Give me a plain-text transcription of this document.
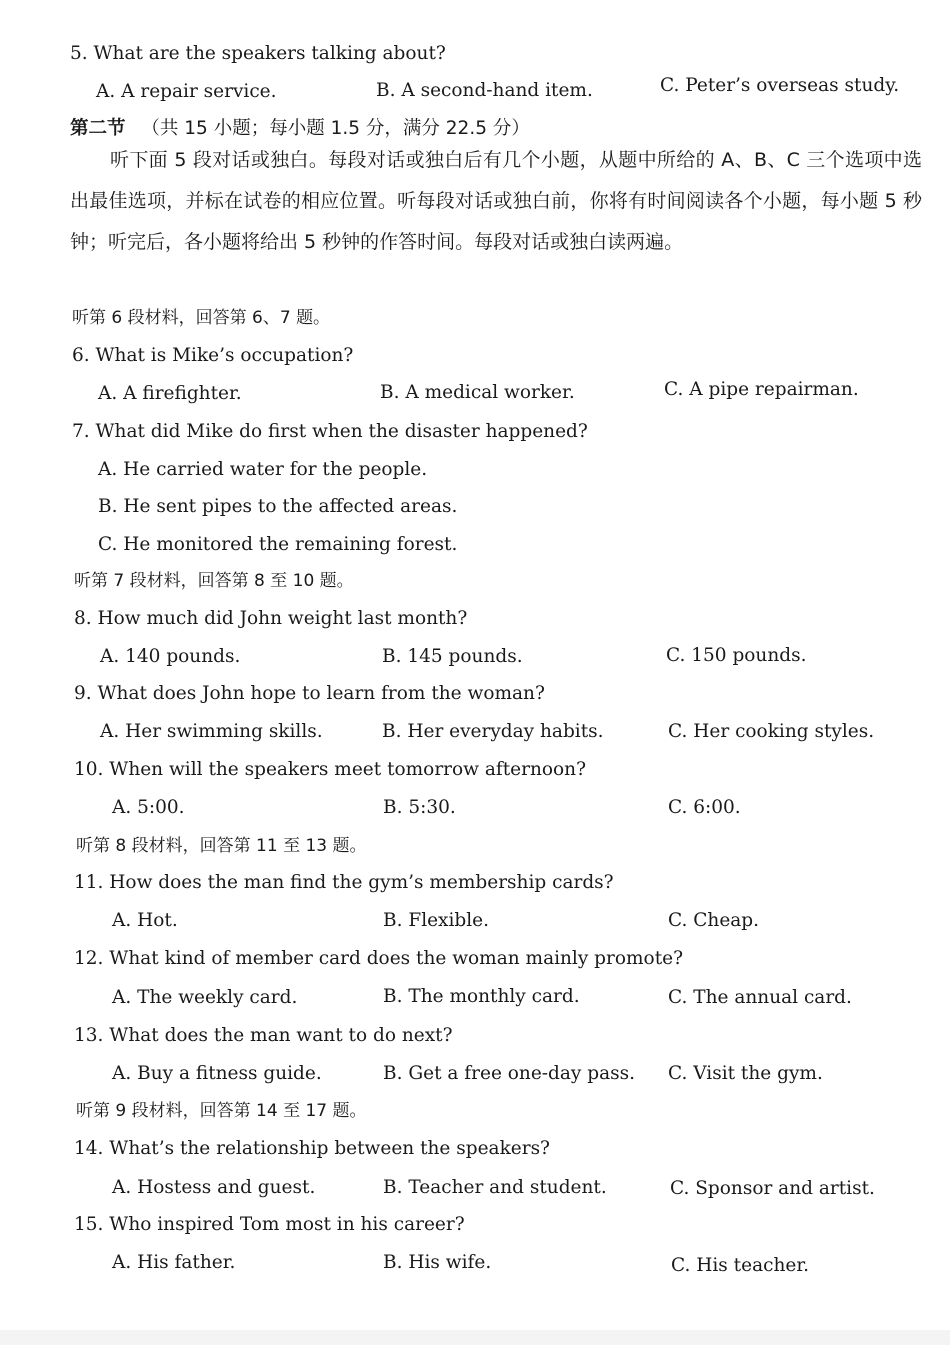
5. What are the speakers talking about?
A. A repair service.	B. A second-hand item.	C. Peter’s overseas study.
第二节 （共 15 小题；每小题 1.5 分，满分 22.5 分）
听下面 5 段对话或独白。每段对话或独白后有几个小题，从题中所给的 A、B、C 三个选项中选出最佳选项，并标在试卷的相应位置。听每段对话或独白前，你将有时间阅读各个小题，每小题 5 秒钟；听完后，各小题将给出 5 秒钟的作答时间。每段对话或独白读两遍。
听第 6 段材料，回答第 6、7 题。
6. What is Mike’s occupation?
A. A firefighter.	B. A medical worker.	C. A pipe repairman.
7. What did Mike do first when the disaster happened?
A. He carried water for the people.
B. He sent pipes to the affected areas.
C. He monitored the remaining forest.
听第 7 段材料，回答第 8 至 10 题。
8. How much did John weight last month?
A. 140 pounds.	B. 145 pounds.	C. 150 pounds.
9. What does John hope to learn from the woman?
A. Her swimming skills.	B. Her everyday habits.	C. Her cooking styles.
10. When will the speakers meet tomorrow afternoon?
A. 5:00.	B. 5:30.	C. 6:00.
听第 8 段材料，回答第 11 至 13 题。
11. How does the man find the gym’s membership cards?
A. Hot.	B. Flexible.	C. Cheap.
12. What kind of member card does the woman mainly promote?
A. The weekly card.	B. The monthly card.	C. The annual card.
13. What does the man want to do next?
A. Buy a fitness guide.	B. Get a free one-day pass. C. Visit the gym.
听第 9 段材料，回答第 14 至 17 题。
14. What’s the relationship between the speakers?
A. Hostess and guest.	B. Teacher and student.	C. Sponsor and artist.
15. Who inspired Tom most in his career?
A. His father.	B. His wife.	C. His teacher.
